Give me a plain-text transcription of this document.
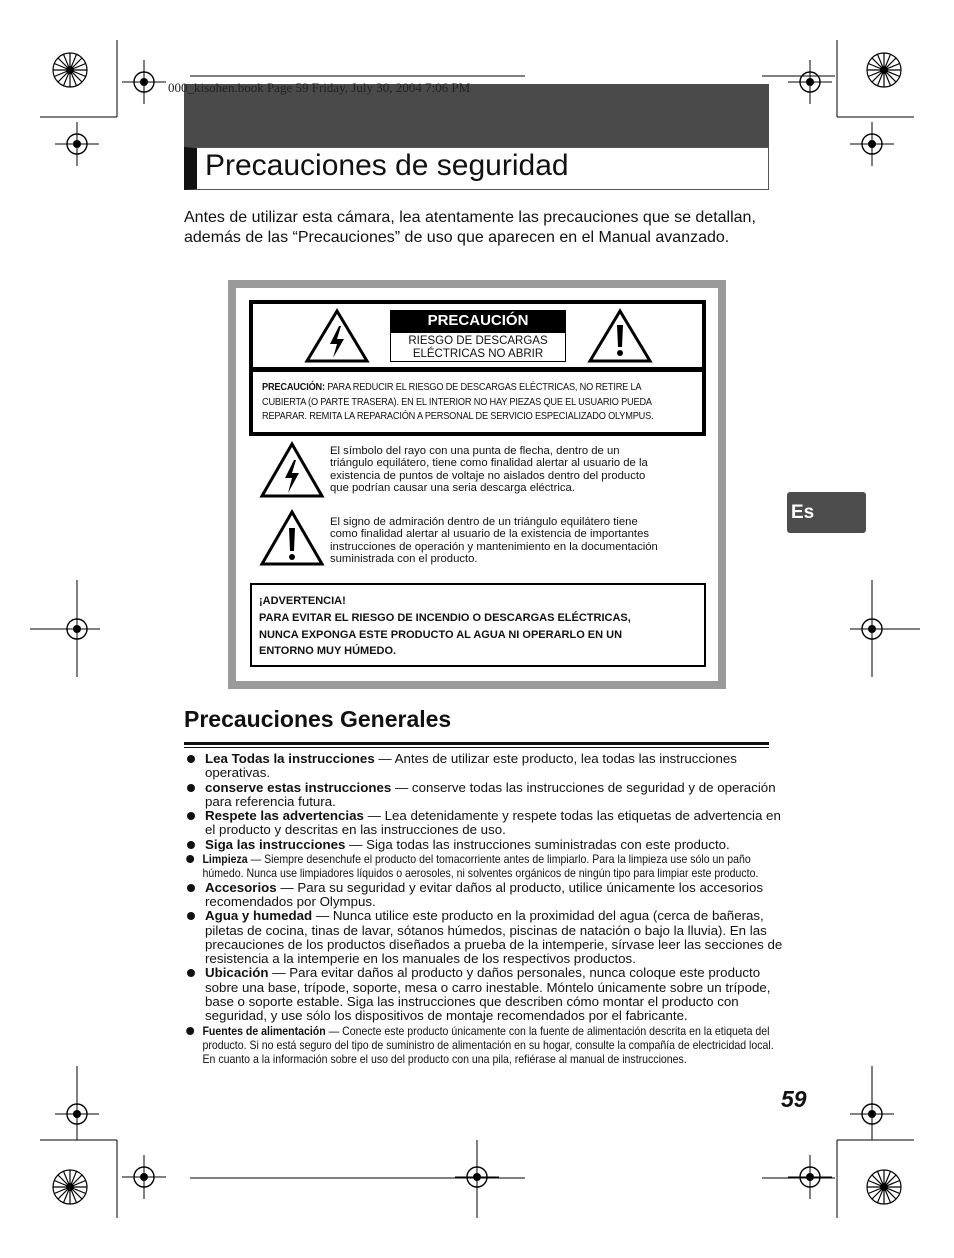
000_kisohen.book Page 59 Friday, July 30, 2004 7:06 PM
Precauciones de seguridad
Antes de utilizar esta cámara, lea atentamente las precauciones que se detallan, además de las “Precauciones” de uso que aparecen en el Manual avanzado.
PRECAUCIÓN
RIESGO DE DESCARGAS
ELÉCTRICAS NO ABRIR
PRECAUCIÓN: PARA REDUCIR EL RIESGO DE DESCARGAS ELÉCTRICAS, NO RETIRE LA
CUBIERTA (O PARTE TRASERA). EN EL INTERIOR NO HAY PIEZAS QUE EL USUARIO PUEDA
REPARAR. REMITA LA REPARACIÓN A PERSONAL DE SERVICIO ESPECIALIZADO OLYMPUS.
El símbolo del rayo con una punta de flecha, dentro de un
triángulo equilátero, tiene como finalidad alertar al usuario de la
existencia de puntos de voltaje no aislados dentro del producto
que podrían causar una seria descarga eléctrica.
El signo de admiración dentro de un triángulo equilátero tiene
como finalidad alertar al usuario de la existencia de importantes
instrucciones de operación y mantenimiento en la documentación
suministrada con el producto.
¡ADVERTENCIA!
PARA EVITAR EL RIESGO DE INCENDIO O DESCARGAS ELÉCTRICAS,
NUNCA EXPONGA ESTE PRODUCTO AL AGUA NI OPERARLO EN UN
ENTORNO MUY HÚMEDO.
Precauciones Generales
Lea Todas la instrucciones — Antes de utilizar este producto, lea todas las instrucciones operativas.
conserve estas instrucciones — conserve todas las instrucciones de seguridad y de operación para referencia futura.
Respete las advertencias — Lea detenidamente y respete todas las etiquetas de advertencia en el producto y descritas en las instrucciones de uso.
Siga las instrucciones — Siga todas las instrucciones suministradas con este producto.
Limpieza — Siempre desenchufe el producto del tomacorriente antes de limpiarlo. Para la limpieza use sólo un paño húmedo. Nunca use limpiadores líquidos o aerosoles, ni solventes orgánicos de ningún tipo para limpiar este producto.
Accesorios — Para su seguridad y evitar daños al producto, utilice únicamente los accesorios recomendados por Olympus.
Agua y humedad — Nunca utilice este producto en la proximidad del agua (cerca de bañeras, piletas de cocina, tinas de lavar, sótanos húmedos, piscinas de natación o bajo la lluvia). En las precauciones de los productos diseñados a prueba de la intemperie, sírvase leer las secciones de resistencia a la intemperie en los manuales de los respectivos productos.
Ubicación — Para evitar daños al producto y daños personales, nunca coloque este producto sobre una base, trípode, soporte, mesa o carro inestable. Móntelo únicamente sobre un trípode, base o soporte estable. Siga las instrucciones que describen cómo montar el producto con seguridad, y use sólo los dispositivos de montaje recomendados por el fabricante.
Fuentes de alimentación — Conecte este producto únicamente con la fuente de alimentación descrita en la etiqueta del producto. Si no está seguro del tipo de suministro de alimentación en su hogar, consulte la compañía de electricidad local.
En cuanto a la información sobre el uso del producto con una pila, refiérase al manual de instrucciones.
Es
59
